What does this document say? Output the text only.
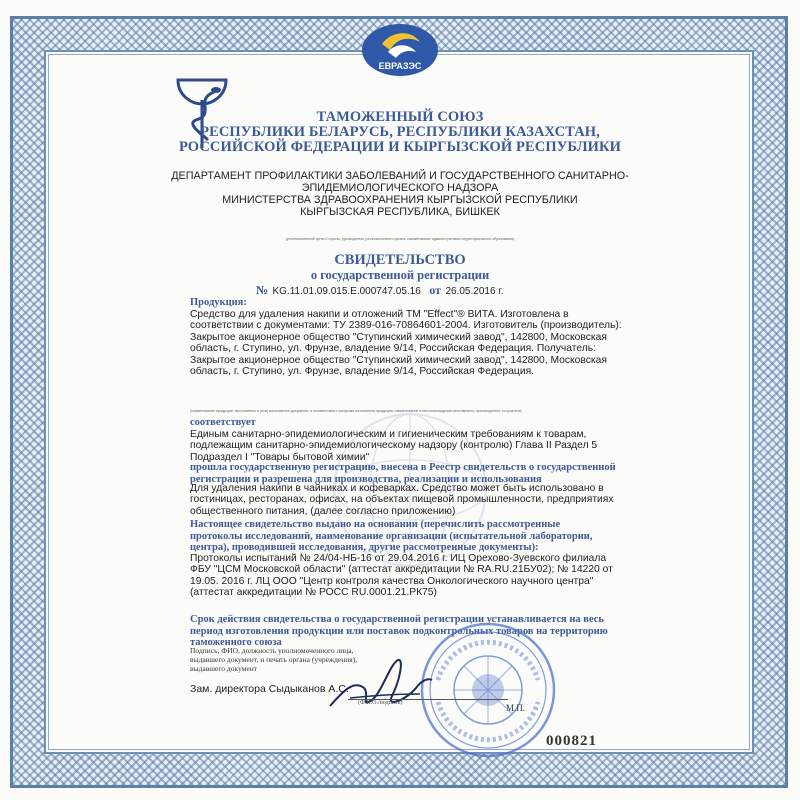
ЕВРАЗЭС
ТАМОЖЕННЫЙ СОЮЗ
РЕСПУБЛИКИ БЕЛАРУСЬ, РЕСПУБЛИКИ КАЗАХСТАН,
РОССИЙСКОЙ ФЕДЕРАЦИИ И КЫРГЫЗСКОЙ РЕСПУБЛИКИ
ДЕПАРТАМЕНТ ПРОФИЛАКТИКИ ЗАБОЛЕВАНИЙ И ГОСУДАРСТВЕННОГО САНИТАРНО-
ЭПИДЕМИОЛОГИЧЕСКОГО НАДЗОРА
МИНИСТЕРСТВА ЗДРАВООХРАНЕНИЯ КЫРГЫЗСКОЙ РЕСПУБЛИКИ
КЫРГЫЗСКАЯ РЕСПУБЛИКА, БИШКЕК
(уполномоченный орган Стороны, руководитель уполномоченного органа, наименование административно-территориального образования)
СВИДЕТЕЛЬСТВО
о государственной регистрации
№ KG.11.01.09.015.E.000747.05.16 от 26.05.2016 г.
Продукция:
Средство для удаления накипи и отложений ТМ "Effect"® ВИТА. Изготовлена в
соответствии с документами: ТУ 2389-016-70864601-2004. Изготовитель (производитель):
Закрытое акционерное общество "Ступинский химический завод", 142800, Московская
область, г. Ступино, ул. Фрунзе, владение 9/14, Российская Федерация. Получатель:
Закрытое акционерное общество "Ступинский химический завод", 142800, Московская
область, г. Ступино, ул. Фрунзе, владение 9/14, Российская Федерация.
(наименование продукции, изготовитель и (или) изготовитель документа, в соответствии с которыми изготовлена продукция, наименование и местонахождение изготовителя, производителя, получателя)
соответствует
Единым санитарно-эпидемиологическим и гигиеническим требованиям к товарам,
подлежащим санитарно-эпидемиологическому надзору (контролю) Глава II Раздел 5
Подраздел I "Товары бытовой химии"
прошла государственную регистрацию, внесена в Реестр свидетельств о государственной
регистрации и разрешена для производства, реализации и использования
Для удаления накипи в чайниках и кофеварках. Средство может быть использовано в
гостиницах, ресторанах, офисах, на объектах пищевой промышленности, предприятиях
общественного питания, (далее согласно приложению)
Настоящее свидетельство выдано на основании (перечислить рассмотренные
протоколы исследований, наименование организации (испытательной лаборатории,
центра), проводившей исследования, другие рассмотренные документы):
Протоколы испытаний № 24/04-НБ-16 от 29.04.2016 г. ИЦ Орехово-Зуевского филиала
ФБУ "ЦСМ Московской области" (аттестат аккредитации № RA.RU.21БУ02); № 14220 от
19.05. 2016 г. ЛЦ ООО "Центр контроля качества Онкологического научного центра"
(аттестат аккредитации № РОСС RU.0001.21.РК75)
Срок действия свидетельства о государственной регистрации устанавливается на весь
период изготовления продукции или поставок подконтрольных товаров на территорию
таможенного союза
Подпись, ФИО, должность уполномоченного лица,
выдавшего документ, и печать органа (учреждения),
выдавшего документ
Зам. директора Сыдыканов А.С.
(Ф.И.О./подпись)	М.П.
000821
